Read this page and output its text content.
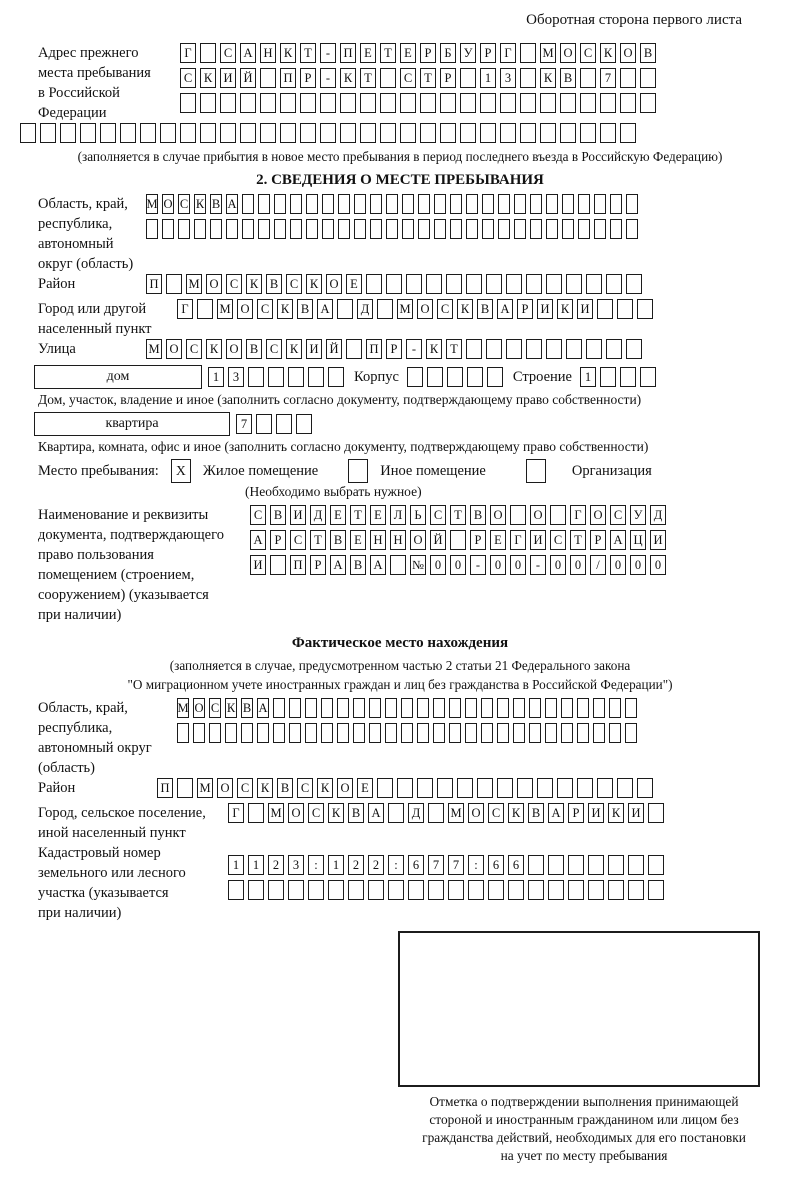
Оборотная сторона первого листа
Адрес прежнего
места пребывания
в Российской
Федерации
Г	С А Н К Т	-	П Е Т Е	Р	Б У Р	Г	М О С К О В
С К И Й П Р	-	К Т	С Т	Р	1	3	К В	7
(заполняется в случае прибытия в новое место пребывания в период последнего въезда в Российскую Федерацию)
2. СВЕДЕНИЯ О МЕСТЕ ПРЕБЫВАНИЯ
Область, край,
республика,
автономный
округ (область)
М О С К В А
Район	П М О С К В С К О Е
Город или другой
населенный пункт
Г	М О С К В А Д М О С К В А Р И К И
Улица	М О С К О В С К И Й П Р	-	К Т
дом	1	3	Корпус	Строение	1
Дом, участок, владение и иное (заполнить согласно документу, подтверждающему право собственности)
квартира	7
Квартира, комната, офис и иное (заполнить согласно документу, подтверждающему право собственности)
Место пребывания:	X	Жилое помещение	Иное помещение	Организация
(Необходимо выбрать нужное)
Наименование и реквизиты
документа, подтверждающего
право пользования
помещением (строением,
сооружением) (указывается
при наличии)
С В И Д Е Т Е Л Ь С Т В О О	Г О С У Д
А Р С Т В Е Н Н О Й	Р	Е	Г И С Т	Р А Ц И
И П Р А В А № 0	0	-	0	0	-	0	0	/	0	0	0
Фактическое место нахождения
(заполняется в случае, предусмотренном частью 2 статьи 21 Федерального закона
"О миграционном учете иностранных граждан и лиц без гражданства в Российской Федерации")
Область, край,
республика,
автономный округ
(область)
М О С К В А
Район	П М О С К В С К О Е
Город, сельское поселение,
иной населенный пункт
Г	М О С К В А Д М О С К В А Р И К И
Кадастровый номер
земельного или лесного
участка (указывается
при наличии)
1	1	2	3	:	1	2	2	:	6	7	7	:	6	6
Отметка о подтверждении выполнения принимающей
стороной и иностранным гражданином или лицом без
гражданства действий, необходимых для его постановки
на учет по месту пребывания
